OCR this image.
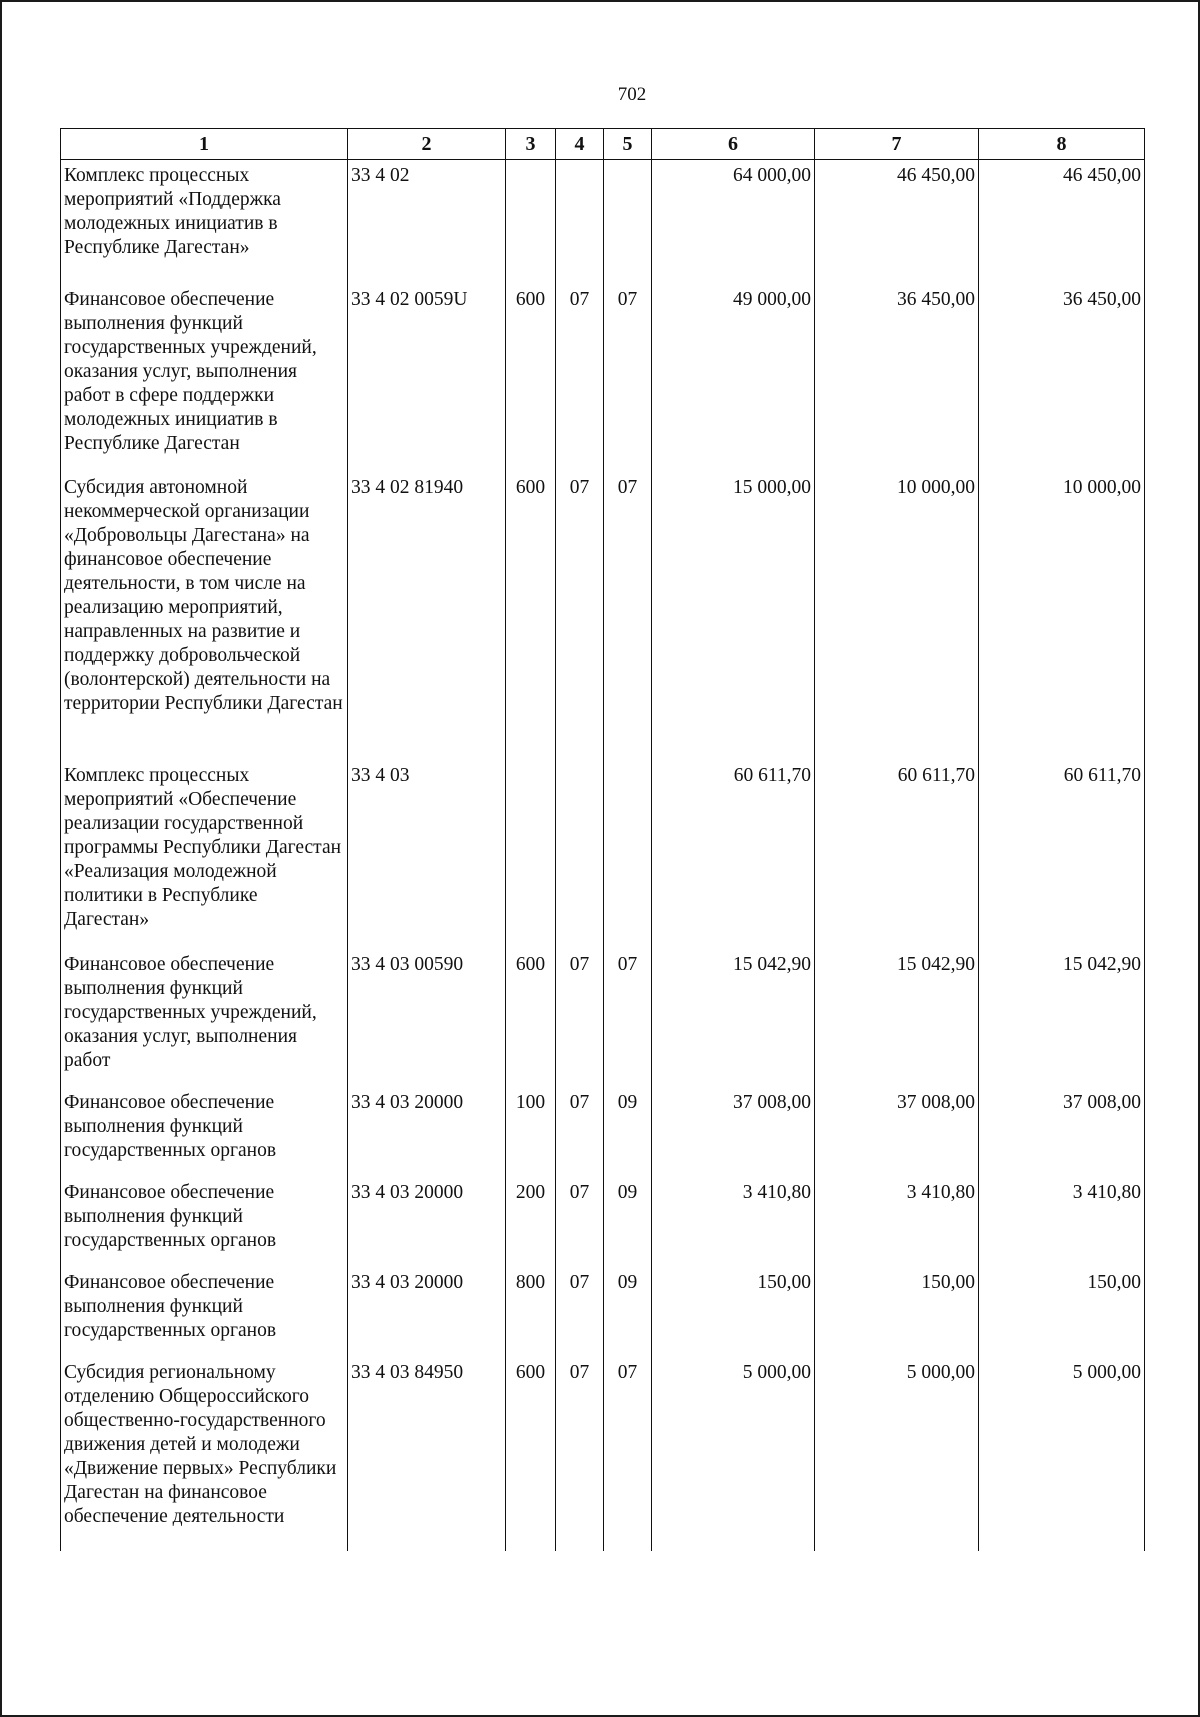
702
1	2	3	4	5	6	7	8
Комплекс процессных мероприятий «Поддержка молодежных инициатив в Республике Дагестан»	33 4 02				64 000,00	46 450,00	46 450,00
Финансовое обеспечение выполнения функций государственных учреждений, оказания услуг, выполнения работ в сфере поддержки молодежных инициатив в Республике Дагестан	33 4 02 0059U	600	07	07	49 000,00	36 450,00	36 450,00
Субсидия автономной некоммерческой организации «Добровольцы Дагестана» на финансовое обеспечение деятельности, в том числе на реализацию мероприятий, направленных на развитие и поддержку добровольческой (волонтерской) деятельности на территории Республики Дагестан	33 4 02 81940	600	07	07	15 000,00	10 000,00	10 000,00
Комплекс процессных мероприятий «Обеспечение реализации государственной программы Республики Дагестан «Реализация молодежной политики в Республике Дагестан»	33 4 03				60 611,70	60 611,70	60 611,70
Финансовое обеспечение выполнения функций государственных учреждений, оказания услуг, выполнения работ	33 4 03 00590	600	07	07	15 042,90	15 042,90	15 042,90
Финансовое обеспечение выполнения функций государственных органов	33 4 03 20000	100	07	09	37 008,00	37 008,00	37 008,00
Финансовое обеспечение выполнения функций государственных органов	33 4 03 20000	200	07	09	3 410,80	3 410,80	3 410,80
Финансовое обеспечение выполнения функций государственных органов	33 4 03 20000	800	07	09	150,00	150,00	150,00
Субсидия региональному отделению Общероссийского общественно-государственного движения детей и молодежи «Движение первых» Республики Дагестан на финансовое обеспечение деятельности	33 4 03 84950	600	07	07	5 000,00	5 000,00	5 000,00
